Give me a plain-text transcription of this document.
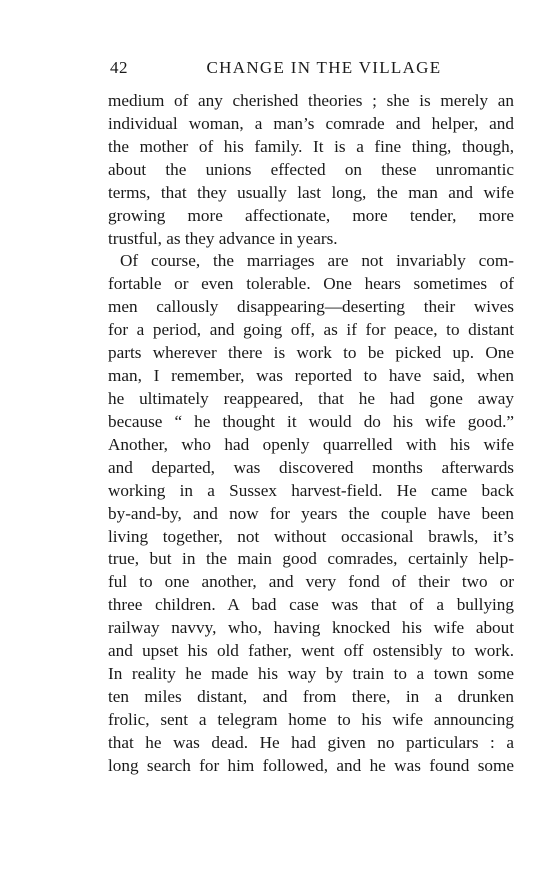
42	CHANGE IN THE VILLAGE
medium of any cherished theories ; she is merely an
individual woman, a man’s comrade and helper, and
the mother of his family. It is a fine thing, though,
about the unions effected on these unromantic
terms, that they usually last long, the man and wife
growing more affectionate, more tender, more
trustful, as they advance in years.
Of course, the marriages are not invariably com-
fortable or even tolerable. One hears sometimes of
men callously disappearing—deserting their wives
for a period, and going off, as if for peace, to distant
parts wherever there is work to be picked up. One
man, I remember, was reported to have said, when
he ultimately reappeared, that he had gone away
because “ he thought it would do his wife good.”
Another, who had openly quarrelled with his wife
and departed, was discovered months afterwards
working in a Sussex harvest-field. He came back
by-and-by, and now for years the couple have been
living together, not without occasional brawls, it’s
true, but in the main good comrades, certainly help-
ful to one another, and very fond of their two or
three children. A bad case was that of a bullying
railway navvy, who, having knocked his wife about
and upset his old father, went off ostensibly to work.
In reality he made his way by train to a town some
ten miles distant, and from there, in a drunken
frolic, sent a telegram home to his wife announcing
that he was dead. He had given no particulars : a
long search for him followed, and he was found some
